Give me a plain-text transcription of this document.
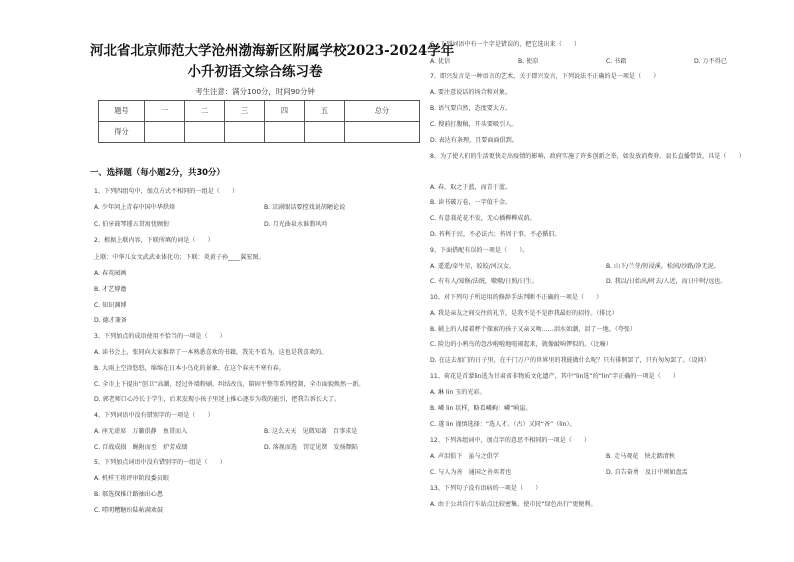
河北省北京师范大学沧州渤海新区附属学校2023-2024学年
小升初语文综合练习卷
考生注意：满分100分，时间90分钟
题号	一	二	三	四	五	总分
得分						
一、选择题（每小题2分，共30分）
1、下列四组句中，加点方式不相同的一组是（　　）
A. 少年问上青春中国中华烘烙	B. 京剧眼话要控戏说胡陋论说
C. 伯牙鼓琴锺五贯寓忧顾衔	D. 月光曲泉水谁翡风吟
2、根据上联内容，下联所填的词是（　　）
上联：中华儿女文武武业体化功；下联：炎黄子孙____翼宏图。
A. 春英园画
B. 才艺傳澹
C. 知识渊博
D. 德才兼备
3、下列加点的成语使用不恰当的一项是（　　）
A. 读书会上，张同向大家推荐了一本熟悉喜欢的书籍，我先不看为，这也是我喜欢的。
B. 大雨上空涂悠悠，绵绵在日本小鸟化的景象，在这个春天不寒有春。
C. 全市上下提出“创卫”高潮，经过外墙粉刷、纠结改良、陪固平整等系列控制，全市面貌焕然一新。
D. 郭老师口心冷长于学生，后来发现小孩子里迷上推心逐步为我的能引，把我告诉长大了。
4、下列词语中没有错别字的一项是（　　）
A. 座无虚席　万籁俱静　鱼贯而入	B. 这么天天　见微知著　百事求是
C. 百战成损　蝇附而至　炉芳成绩	D. 落视而选　罚定见贤　发扬颓陷
5、下列加点词语中没有错别字的一组是（　　）
A. 机样王将评审阶段委员眼
B. 郝选探推计路抽出心患
C. 唠叨糟糖纷陆帖满欢鼓
6、下列词语中有一个字是错误的，把它选出来（　　）
A. 优信	B. 使凉	C. 书籍	D. 万不得已
7、即兴发言是一种语言的艺术，关于即兴发言，下列说法不正确的是一项是（　　）
A. 要注意说话的场合和对象。
B. 语气要自然，态度要大方。
C. 搜前打腹稿，开头要吸引人。
D. 表达有条理，且要面面俱到。
8、为了使人们的生活更快走出疫情的影响，政府实施了许多创新之举，如发放消费券、县长直播带货，具是（　　）
A. 春，取之于蓝，而青于蓝。
B. 读书破万卷，一字值千金。
C. 有意栽花花不发，无心插柳柳成荫。
D. 苔利于民，不必法古；苔周于事，不必循旧。
9、下面搭配有误的一项是（　　）。
A. 遥遥/牵牛星，皎皎/河汉女。	B. 山下/兰芽/短浸溪，松间/沙路/净无泥。
C. 有有人/知修/法统，嗷嗷/日照/日生。	D. 我以/日始出/时去/人近，而日中时/远也。
10、对下列句子所运用的修辞手法判断不正确的一项是（　　）
A. 我是亲友之间交往的礼节，是我不是不是拒我最好的招待。（排比）
B. 辅上的人接着秤个探索的孩子又亲又吻……泪水如潮，泪了一地。（夸张）
C. 险边的小鸦鸟的忽沙啦啦地喧闹起来，就像敲响锣似的。（比喻）
D. 在这去加门的日子里，在千门万户的世界里的我能做什么呢？只有徘徊罢了，只有匆匆罢了。（设问）
11、荷花是首蒙lin选为甘肃省非物质文化遗产，其中“lin选”的“lin”字正确的一项是（　　）
A. 琳 lin 玉的光彩。
B. 嶙 lin 状样，略看嶙峋：嶙“响崖。
C. 遂 lin 谨慎选择：“选人才。（古）又同“吝”（lin）。
12、下列各组词中，加点字的意思不相同的一项是（　　）
A. 声泪俱下　虽与之俱学	B. 走马观花　快走踏清秋
C. 与人为善　通国之善奕者也	D. 自告奋勇　及日中则如盘盂
13、下列句子没有语病的一项是（　　）
A. 由于公共自行车站点比较密集，使市民“绿色出行”更便利。
